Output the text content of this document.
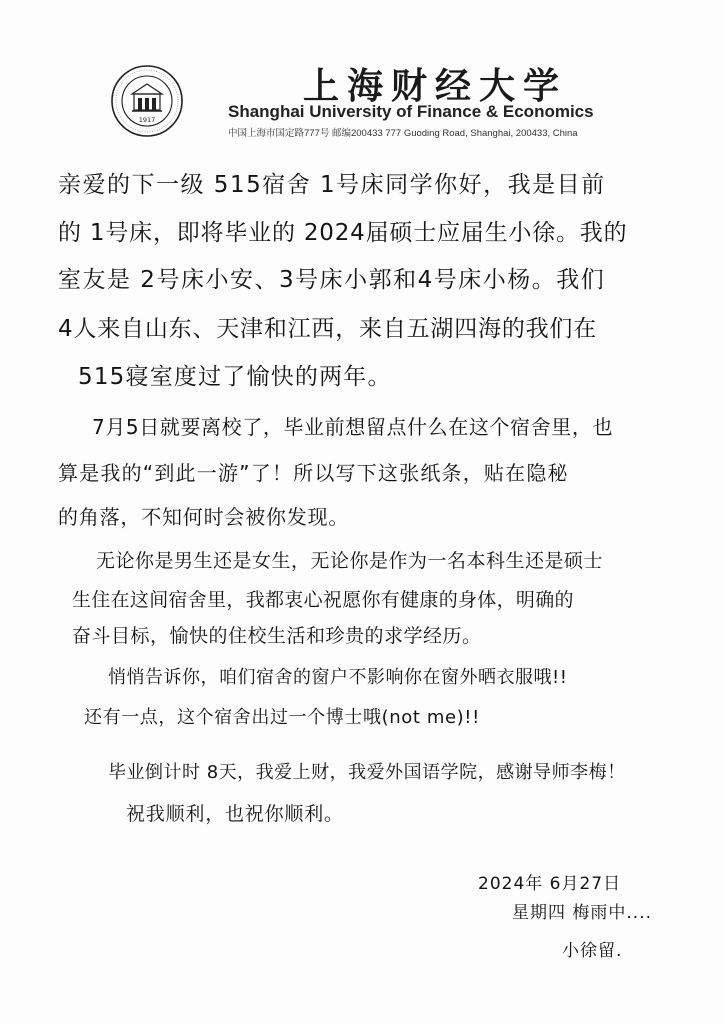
1917
上海财经大学
Shanghai University of Finance & Economics
中国上海市国定路777号 邮编200433 777 Guoding Road, Shanghai, 200433, China
亲爱的下一级 515宿舍 1号床同学你好，我是目前
的 1号床，即将毕业的 2024届硕士应届生小徐。我的
室友是 2号床小安、3号床小郭和4号床小杨。我们
4人来自山东、天津和江西，来自五湖四海的我们在
515寝室度过了愉快的两年。
7月5日就要离校了，毕业前想留点什么在这个宿舍里，也
算是我的“到此一游”了！所以写下这张纸条，贴在隐秘
的角落，不知何时会被你发现。
无论你是男生还是女生，无论你是作为一名本科生还是硕士
生住在这间宿舍里，我都衷心祝愿你有健康的身体，明确的
奋斗目标，愉快的住校生活和珍贵的求学经历。
悄悄告诉你，咱们宿舍的窗户不影响你在窗外晒衣服哦!!
还有一点，这个宿舍出过一个博士哦(not me)!!
毕业倒计时 8天，我爱上财，我爱外国语学院，感谢导师李梅！
祝我顺利，也祝你顺利。
2024年 6月27日
星期四 梅雨中....
小徐留.
